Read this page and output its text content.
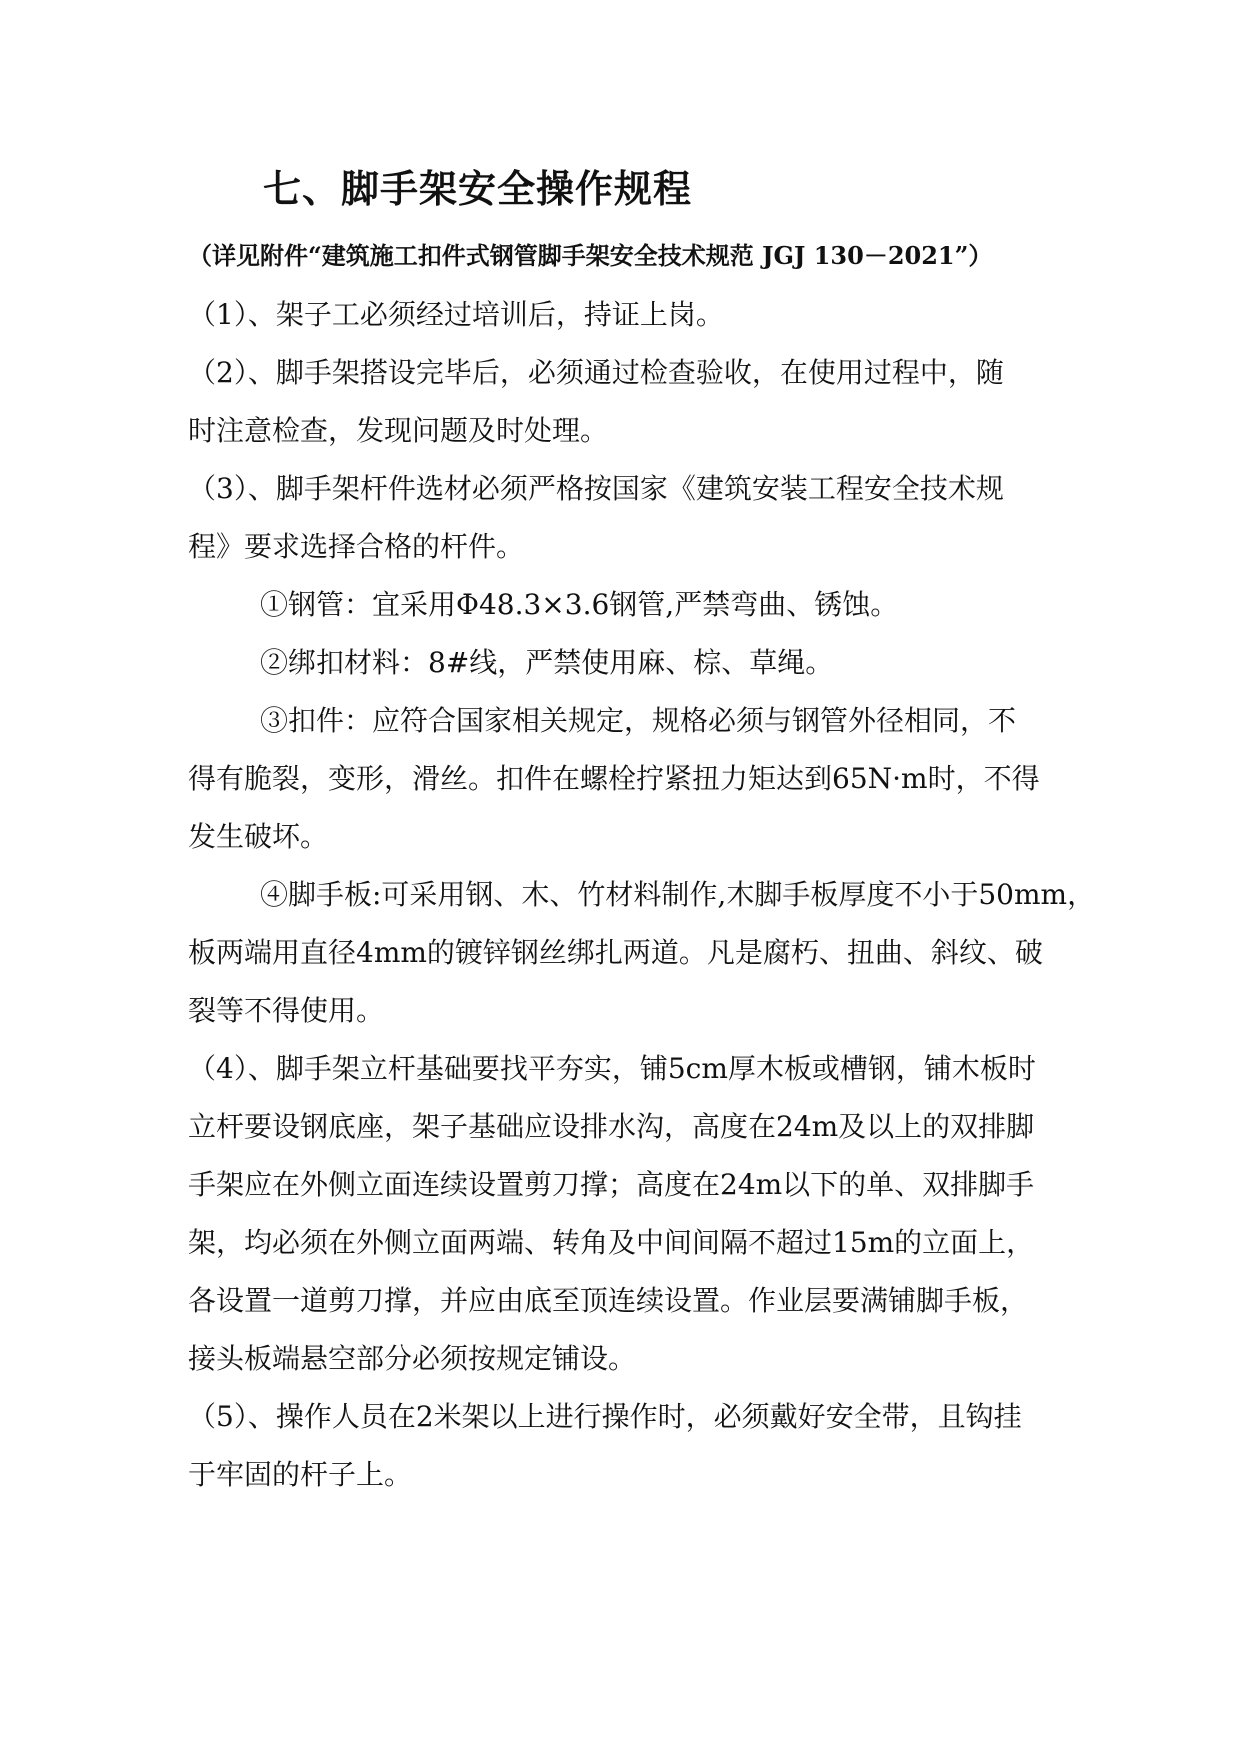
七、脚手架安全操作规程
（详见附件“建筑施工扣件式钢管脚手架安全技术规范 JGJ 130－2021”）

（1）、架子工必须经过培训后，持证上岗。

（2）、脚手架搭设完毕后，必须通过检查验收，在使用过程中，随

时注意检查，发现问题及时处理。

（3）、脚手架杆件选材必须严格按国家《建筑安装工程安全技术规

程》要求选择合格的杆件。

①钢管：宜采用Φ48.3×3.6钢管,严禁弯曲、锈蚀。

②绑扣材料：8#线，严禁使用麻、棕、草绳。

③扣件：应符合国家相关规定，规格必须与钢管外径相同，不

得有脆裂，变形，滑丝。扣件在螺栓拧紧扭力矩达到65N·m时，不得

发生破坏。

④脚手板:可采用钢、木、竹材料制作,木脚手板厚度不小于50mm，

板两端用直径4mm的镀锌钢丝绑扎两道。凡是腐朽、扭曲、斜纹、破

裂等不得使用。

（4）、脚手架立杆基础要找平夯实，铺5cm厚木板或槽钢，铺木板时

立杆要设钢底座，架子基础应设排水沟，高度在24m及以上的双排脚

手架应在外侧立面连续设置剪刀撑；高度在24m以下的单、双排脚手

架，均必须在外侧立面两端、转角及中间间隔不超过15m的立面上，

各设置一道剪刀撑，并应由底至顶连续设置。作业层要满铺脚手板，

接头板端悬空部分必须按规定铺设。

（5）、操作人员在2米架以上进行操作时，必须戴好安全带，且钩挂

于牢固的杆子上。
